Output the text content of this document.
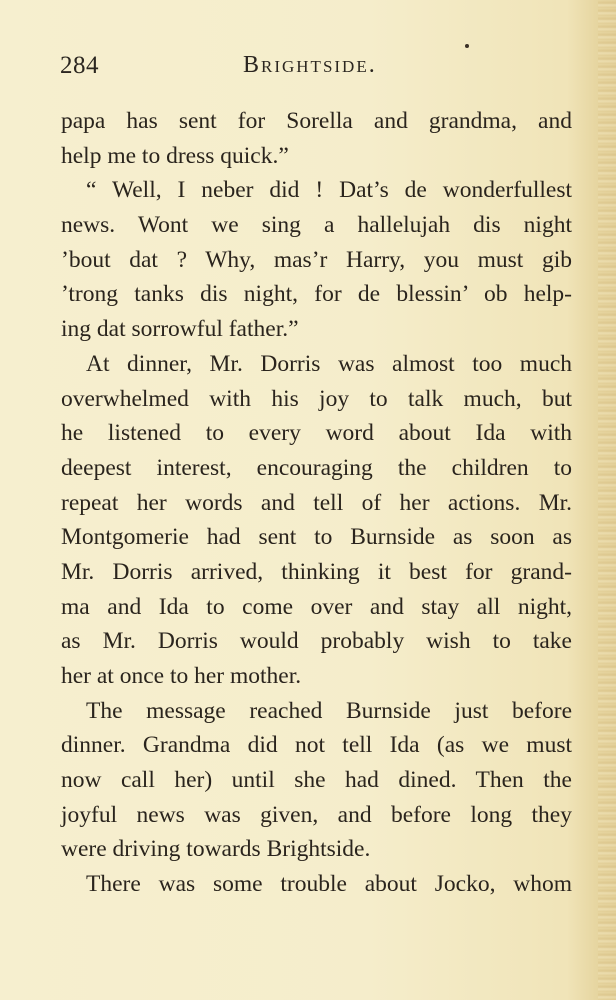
284	Brightside.
papa has sent for Sorella and grandma, and
help me to dress quick.”
“ Well, I neber did ! Dat’s de wonderfullest
news. Wont we sing a hallelujah dis night
’bout dat ? Why, mas’r Harry, you must gib
’trong tanks dis night, for de blessin’ ob help-
ing dat sorrowful father.”
At dinner, Mr. Dorris was almost too much
overwhelmed with his joy to talk much, but
he listened to every word about Ida with
deepest interest, encouraging the children to
repeat her words and tell of her actions. Mr.
Montgomerie had sent to Burnside as soon as
Mr. Dorris arrived, thinking it best for grand-
ma and Ida to come over and stay all night,
as Mr. Dorris would probably wish to take
her at once to her mother.
The message reached Burnside just before
dinner. Grandma did not tell Ida (as we must
now call her) until she had dined. Then the
joyful news was given, and before long they
were driving towards Brightside.
There was some trouble about Jocko, whom
